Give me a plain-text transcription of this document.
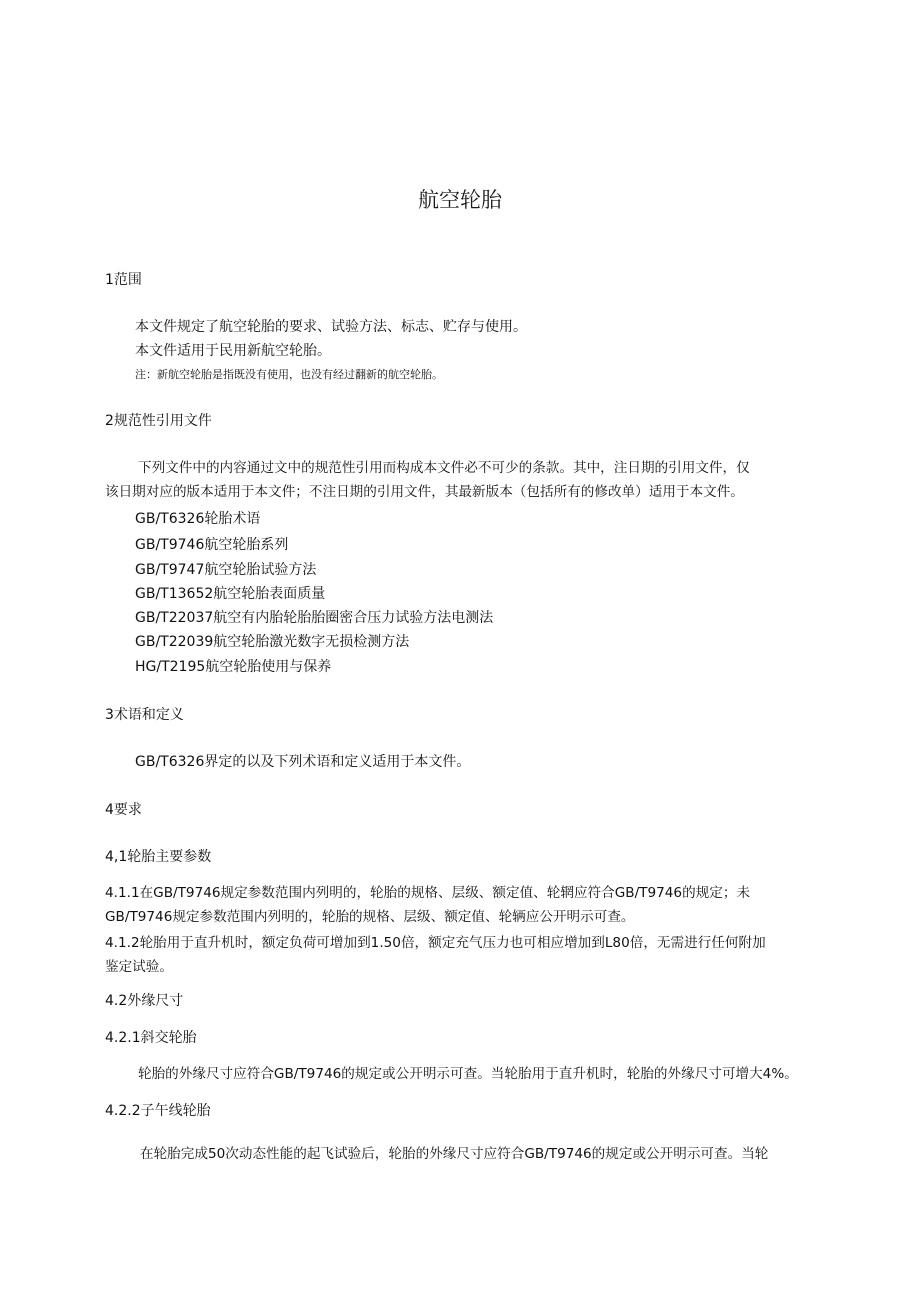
航空轮胎
1范围
本文件规定了航空轮胎的要求、试验方法、标志、贮存与使用。
本文件适用于民用新航空轮胎。
注：新航空轮胎是指既没有使用，也没有经过翻新的航空轮胎。
2规范性引用文件
下列文件中的内容通过文中的规范性引用而构成本文件必不可少的条款。其中，注日期的引用文件，仅
该日期对应的版本适用于本文件；不注日期的引用文件，其最新版本（包括所有的修改单）适用于本文件。
GB/T6326轮胎术语
GB/T9746航空轮胎系列
GB/T9747航空轮胎试验方法
GB/T13652航空轮胎表面质量
GB/T22037航空有内胎轮胎胎圈密合压力试验方法电测法
GB/T22039航空轮胎激光数字无损检测方法
HG/T2195航空轮胎使用与保养
3术语和定义
GB/T6326界定的以及下列术语和定义适用于本文件。
4要求
4,1轮胎主要参数
4.1.1在GB/T9746规定参数范围内列明的，轮胎的规格、层级、额定值、轮辋应符合GB/T9746的规定；未
GB/T9746规定参数范围内列明的，轮胎的规格、层级、额定值、轮辆应公开明示可查。
4.1.2轮胎用于直升机时，额定负荷可增加到1.50倍，额定充气压力也可相应增加到L80倍，无需进行任何附加
鉴定试验。
4.2外缘尺寸
4.2.1斜交轮胎
轮胎的外缘尺寸应符合GB/T9746的规定或公开明示可查。当轮胎用于直升机时，轮胎的外缘尺寸可增大4%。
4.2.2子午线轮胎
在轮胎完成50次动态性能的起飞试验后，轮胎的外缘尺寸应符合GB/T9746的规定或公开明示可查。当轮
